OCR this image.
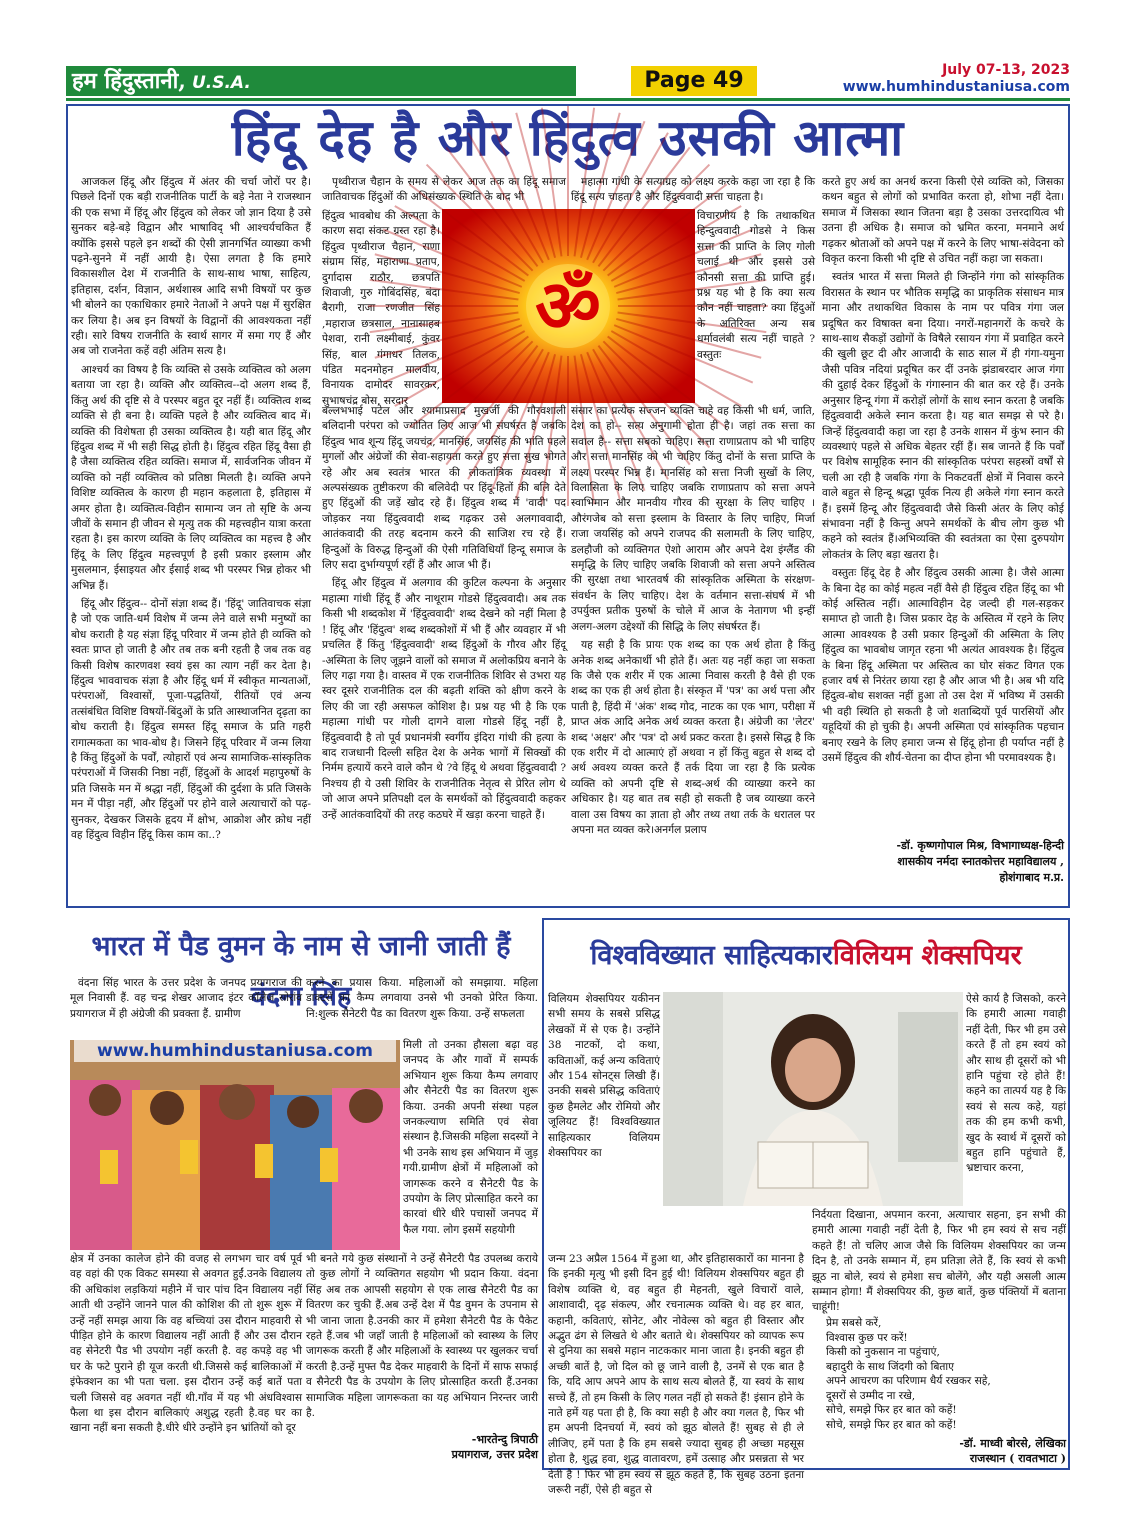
हम हिंदुस्तानी, U.S.A.	Page 49	July 07-13, 2023
www.humhindustaniusa.com
हिंदू देह है और हिंदुत्व उसकी आत्मा

आजकल हिंदू और हिंदुत्व में अंतर की चर्चा जोरों पर है। पिछले दिनों एक बड़ी राजनीतिक पार्टी के बड़े नेता ने राजस्थान की एक सभा में हिंदू और हिंदुत्व को लेकर जो ज्ञान दिया है उसे सुनकर बड़े-बड़े विद्वान और भाषाविद् भी आश्चर्यचकित हैं क्योंकि इससे पहले इन शब्दों की ऐसी ज्ञानगर्भित व्याख्या कभी पढ़ने-सुनने में नहीं आयी है। ऐसा लगता है कि हमारे विकासशील देश में राजनीति के साथ-साथ भाषा, साहित्य, इतिहास, दर्शन, विज्ञान, अर्थशास्त्र आदि सभी विषयों पर कुछ भी बोलने का एकाधिकार हमारे नेताओं ने अपने पक्ष में सुरक्षित कर लिया है। अब इन विषयों के विद्वानों की आवश्यकता नहीं रही। सारे विषय राजनीति के स्वार्थ सागर में समा गए हैं और अब जो राजनेता कहें वही अंतिम सत्य है।

आश्चर्य का विषय है कि व्यक्ति से उसके व्यक्तित्व को अलग बताया जा रहा है। व्यक्ति और व्यक्तित्व--दो अलग शब्द हैं, किंतु अर्थ की दृष्टि से वे परस्पर बहुत दूर नहीं हैं। व्यक्तित्व शब्द व्यक्ति से ही बना है। व्यक्ति पहले है और व्यक्तित्व बाद में। व्यक्ति की विशेषता ही उसका व्यक्तित्व है। यही बात हिंदू और हिंदुत्व शब्द में भी सही सिद्ध होती है। हिंदुत्व रहित हिंदू वैसा ही है जैसा व्यक्तित्व रहित व्यक्ति। समाज में, सार्वजनिक जीवन में व्यक्ति को नहीं व्यक्तित्व को प्रतिष्ठा मिलती है। व्यक्ति अपने विशिष्ट व्यक्तित्व के कारण ही महान कहलाता है, इतिहास में अमर होता है। व्यक्तित्व-विहीन सामान्य जन तो सृष्टि के अन्य जीवों के समान ही जीवन से मृत्यु तक की महत्त्वहीन यात्रा करता रहता है। इस कारण व्यक्ति के लिए व्यक्तित्व का महत्त्व है और हिंदू के लिए हिंदुत्व महत्त्वपूर्ण है इसी प्रकार इस्लाम और मुसलमान, ईसाइयत और ईसाई शब्द भी परस्पर भिन्न होकर भी अभिन्न हैं।

हिंदू और हिंदुत्व-- दोनों संज्ञा शब्द हैं। 'हिंदू' जातिवाचक संज्ञा है जो एक जाति-धर्म विशेष में जन्म लेने वाले सभी मनुष्यों का बोध कराती है यह संज्ञा हिंदू परिवार में जन्म होते ही व्यक्ति को स्वतः प्राप्त हो जाती है और तब तक बनी रहती है जब तक वह किसी विशेष कारणवश स्वयं इस का त्याग नहीं कर देता है। हिंदुत्व भाववाचक संज्ञा है और हिंदू धर्म में स्वीकृत मान्यताओं, परंपराओं, विश्वासों, पूजा-पद्धतियों, रीतियों एवं अन्य तत्संबंधित विशिष्ट विषयों-बिंदुओं के प्रति आस्थाजनित दृढ़ता का बोध कराती है। हिंदुत्व समस्त हिंदू समाज के प्रति गहरी रागात्मकता का भाव-बोध है। जिसने हिंदू परिवार में जन्म लिया है किंतु हिंदुओं के पर्वों, त्योहारों एवं अन्य सामाजिक-सांस्कृतिक परंपराओं में जिसकी निष्ठा नहीं, हिंदुओं के आदर्श महापुरुषों के प्रति जिसके मन में श्रद्धा नहीं, हिंदुओं की दुर्दशा के प्रति जिसके मन में पीड़ा नहीं, और हिंदुओं पर होने वाले अत्याचारों को पढ़-सुनकर, देखकर जिसके हृदय में क्षोभ, आक्रोश और क्रोध नहीं वह हिंदुत्व विहीन हिंदू किस काम का..?

पृथ्वीराज चैहान के समय से लेकर आज तक का हिंदू समाज जातिवाचक हिंदुओं की अधिसंख्यक स्थिति के बाद भी

हिंदुत्व भावबोध की अल्पता के कारण सदा संकट ग्रस्त रहा है। हिंदुत्व पृथ्वीराज चैहान, राणा संग्राम सिंह, महाराणा प्रताप, दुर्गादास राठौर, छत्रपति शिवाजी, गुरु गोबिंदसिंह, बंदा बैरागी, राजा रणजीत सिंह ,महाराज छत्रसाल, नानासाहब पेशवा, रानी लक्ष्मीबाई, कुंवर सिंह, बाल गंगाधर तिलक, पंडित मदनमोहन मालवीय, विनायक दामोदर सावरकर, सुभाषचंद्र बोस, सरदार

बल्लभभाई पटेल और श्यामाप्रसाद मुखर्जी की गौरवशाली बलिदानी परंपरा को ज्योतित लिए आज भी संघर्षरत है जबकि हिंदुत्व भाव शून्य हिंदू जयचंद, मानसिंह, जयसिंह की भांति पहले मुगलों और अंग्रेजों की सेवा-सहायता करते हुए सत्ता सुख भोगते रहे और अब स्वतंत्र भारत की लोकतांत्रिक व्यवस्था में अल्पसंख्यक तुष्टीकरण की बलिवेदी पर हिंदू-हितों की बलि देते हुए हिंदुओं की जड़ें खोद रहे हैं। हिंदुत्व शब्द में 'वादी' पद जोड़कर नया हिंदुत्ववादी शब्द गढ़कर उसे अलगाववादी, आतंकवादी की तरह बदनाम करने की साजिश रच रहे हैं। हिन्दुओं के विरुद्ध हिन्दुओं की ऐसी गतिविधियाँ हिन्दू समाज के लिए सदा दुर्भाग्यपूर्ण रहीं हैं और आज भी हैं।

हिंदू और हिंदुत्व में अलगाव की कुटिल कल्पना के अनुसार महात्मा गांधी हिंदू हैं और नाथूराम गोडसे हिंदुत्ववादी। अब तक किसी भी शब्दकोश में 'हिंदुत्ववादी' शब्द देखने को नहीं मिला है ! हिंदू और 'हिंदुत्व' शब्द शब्दकोशों में भी हैं और व्यवहार में भी प्रचलित हैं किंतु 'हिंदुत्ववादी' शब्द हिंदुओं के गौरव और हिंदू -अस्मिता के लिए जूझने वालों को समाज में अलोकप्रिय बनाने के लिए गढ़ा गया है। वास्तव में एक राजनीतिक शिविर से उभरा यह स्वर दूसरे राजनीतिक दल की बढ़ती शक्ति को क्षीण करने के लिए की जा रही असफल कोशिश है। प्रश्न यह भी है कि एक महात्मा गांधी पर गोली दागने वाला गोडसे हिंदू नहीं है, हिंदुत्ववादी है तो पूर्व प्रधानमंत्री स्वर्गीय इंदिरा गांधी की हत्या के बाद राजधानी दिल्ली सहित देश के अनेक भागों में सिक्खों की निर्मम हत्यायें करने वाले कौन थे ?वे हिंदू थे अथवा हिंदुत्ववादी ?निश्चय ही ये उसी शिविर के राजनीतिक नेतृत्व से प्रेरित लोग थे जो आज अपने प्रतिपक्षी दल के समर्थकों को हिंदुत्ववादी कहकर उन्हें आतंकवादियों की तरह कठघरे में खड़ा करना चाहते हैं।

ॐ

महात्मा गांधी के सत्याग्रह को लक्ष्य करके कहा जा रहा है कि हिंदू सत्य चाहता है और हिंदुत्ववादी सत्ता चाहता है।

विचारणीय है कि तथाकथित हिन्दुत्ववादी गोडसे ने किस सत्ता की प्राप्ति के लिए गोली चलाई थी और इससे उसे कौनसी सत्ता की प्राप्ति हुई। प्रश्न यह भी है कि क्या सत्य कौन नहीं चाहता? क्या हिंदुओं के अतिरिक्त अन्य सब धर्मावलंबी सत्य नहीं चाहते ?वस्तुतः

संसार का प्रत्येक सज्जन व्यक्ति चाहे वह किसी भी धर्म, जाति, देश का हो-- सत्य अनुगामी होता ही है। जहां तक सत्ता का सवाल है-- सत्ता सबको चाहिए। सत्ता राणाप्रताप को भी चाहिए और सत्ता मानसिंह को भी चाहिए किंतु दोनों के सत्ता प्राप्ति के लक्ष्य परस्पर भिन्न हैं। मानसिंह को सत्ता निजी सुखों के लिए, विलासिता के लिए चाहिए जबकि राणाप्रताप को सत्ता अपने स्वाभिमान और मानवीय गौरव की सुरक्षा के लिए चाहिए ।औरंगजेब को सत्ता इस्लाम के विस्तार के लिए चाहिए, मिर्जा राजा जयसिंह को अपने राजपद की सलामती के लिए चाहिए, डलहौजी को व्यक्तिगत ऐशो आराम और अपने देश इंग्लैंड की समृद्धि के लिए चाहिए जबकि शिवाजी को सत्ता अपने अस्तित्व की सुरक्षा तथा भारतवर्ष की सांस्कृतिक अस्मिता के संरक्षण-संवर्धन के लिए चाहिए। देश के वर्तमान सत्ता-संघर्ष में भी उपर्युक्त प्रतीक पुरुषों के चोले में आज के नेतागण भी इन्हीं अलग-अलग उद्देश्यों की सिद्धि के लिए संघर्षरत हैं।

यह सही है कि प्रायः एक शब्द का एक अर्थ होता है किंतु अनेक शब्द अनेकार्थी भी होते हैं। अतः यह नहीं कहा जा सकता कि जैसे एक शरीर में एक आत्मा निवास करती है वैसे ही एक शब्द का एक ही अर्थ होता है। संस्कृत में 'पत्र' का अर्थ पत्ता और पाती है, हिंदी में 'अंक' शब्द गोद, नाटक का एक भाग, परीक्षा में प्राप्त अंक आदि अनेक अर्थ व्यक्त करता है। अंग्रेजी का 'लेटर' शब्द 'अक्षर' और 'पत्र' दो अर्थ प्रकट करता है। इससे सिद्ध है कि एक शरीर में दो आत्माएं हों अथवा न हों किंतु बहुत से शब्द दो अर्थ अवश्य व्यक्त करते हैं तर्क दिया जा रहा है कि प्रत्येक व्यक्ति को अपनी दृष्टि से शब्द-अर्थ की व्याख्या करने का अधिकार है। यह बात तब सही हो सकती है जब व्याख्या करने वाला उस विषय का ज्ञाता हो और तथ्य तथा तर्क के धरातल पर अपना मत व्यक्त करे।अनर्गल प्रलाप

करते हुए अर्थ का अनर्थ करना किसी ऐसे व्यक्ति को, जिसका कथन बहुत से लोगों को प्रभावित करता हो, शोभा नहीं देता। समाज में जिसका स्थान जितना बड़ा है उसका उत्तरदायित्व भी उतना ही अधिक है। समाज को भ्रमित करना, मनमाने अर्थ गढ़कर श्रोताओं को अपने पक्ष में करने के लिए भाषा-संवेदना को विकृत करना किसी भी दृष्टि से उचित नहीं कहा जा सकता।

स्वतंत्र भारत में सत्ता मिलते ही जिन्होंने गंगा को सांस्कृतिक विरासत के स्थान पर भौतिक समृद्धि का प्राकृतिक संसाधन मात्र माना और तथाकथित विकास के नाम पर पवित्र गंगा जल प्रदूषित कर विषाक्त बना दिया। नगरों-महानगरों के कचरे के साथ-साथ सैकड़ों उद्योगों के विषैले रसायन गंगा में प्रवाहित करने की खुली छूट दी और आजादी के साठ साल में ही गंगा-यमुना जैसी पवित्र नदियां प्रदूषित कर दीं उनके झंडाबरदार आज गंगा की दुहाई देकर हिंदुओं के गंगास्नान की बात कर रहे हैं। उनके अनुसार हिन्दू गंगा में करोड़ों लोगों के साथ स्नान करता है जबकि हिंदुत्ववादी अकेले स्नान करता है। यह बात समझ से परे है। जिन्हें हिंदुत्ववादी कहा जा रहा है उनके शासन में कुंभ स्नान की व्यवस्थाएं पहले से अधिक बेहतर रहीं हैं। सब जानते हैं कि पर्वों पर विशेष सामूहिक स्नान की सांस्कृतिक परंपरा सहस्त्रों वर्षों से चली आ रही है जबकि गंगा के निकटवर्ती क्षेत्रों में निवास करने वाले बहुत से हिन्दू श्रद्धा पूर्वक नित्य ही अकेले गंगा स्नान करते हैं। इसमें हिन्दू और हिंदुत्ववादी जैसे किसी अंतर के लिए कोई संभावना नहीं है किन्तु अपने समर्थकों के बीच लोग कुछ भी कहने को स्वतंत्र हैं।अभिव्यक्ति की स्वतंत्रता का ऐसा दुरुपयोग लोकतंत्र के लिए बड़ा खतरा है।

वस्तुतः हिंदू देह है और हिंदुत्व उसकी आत्मा है। जैसे आत्मा के बिना देह का कोई महत्व नहीं वैसे ही हिंदुत्व रहित हिंदू का भी कोई अस्तित्व नहीं। आत्माविहीन देह जल्दी ही गल-सड़कर समाप्त हो जाती है। जिस प्रकार देह के अस्तित्व में रहने के लिए आत्मा आवश्यक है उसी प्रकार हिन्दुओं की अस्मिता के लिए हिंदुत्व का भावबोध जागृत रहना भी अत्यंत आवश्यक है। हिंदुत्व के बिना हिंदू अस्मिता पर अस्तित्व का घोर संकट विगत एक हजार वर्ष से निरंतर छाया रहा है और आज भी है। अब भी यदि हिंदुत्व-बोध सशक्त नहीं हुआ तो उस देश में भविष्य में उसकी भी वही स्थिति हो सकती है जो शताब्दियों पूर्व पारसियों और यहूदियों की हो चुकी है। अपनी अस्मिता एवं सांस्कृतिक पहचान बनाए रखने के लिए हमारा जन्म से हिंदू होना ही पर्याप्त नहीं है उसमें हिंदुत्व की शौर्य-चेतना का दीप्त होना भी परमावश्यक है।

-डॉ. कृष्णगोपाल मिश्र, विभागाध्यक्ष-हिन्दी
शासकीय नर्मदा स्नातकोत्तर महाविद्यालय ,
होशंगाबाद म.प्र.
भारत में पैड वुमन के नाम से जानी जाती हैं वंदना सिंह

वंदना सिंह भारत के उत्तर प्रदेश के जनपद प्रयागराज की मूल निवासी हैं. वह चन्द्र शेखर आजाद इंटर कॉलेज सोरांव प्रयागराज में ही अंग्रेजी की प्रवक्ता हैं. ग्रामीण

करने का प्रयास किया. महिलाओं को समझाया. महिला डाक्टरों का कैम्प लगवाया उनसे भी उनको प्रेरित किया. नि:शुल्क सैनेटरी पैड का वितरण शुरू किया. उन्हें सफलता

www.humhindustaniusa.com	मिली तो उनका हौसला बढ़ा वह जनपद के और गावों में सम्पर्क अभियान शुरू किया कैम्प लगवाए और सैनेटरी पैड का वितरण शुरू किया. उनकी अपनी संस्था पहल जनकल्याण समिति एवं सेवा संस्थान है.जिसकी महिला सदस्यों ने भी उनके साथ इस अभियान में जुड़ गयी.ग्रामीण क्षेत्रों में महिलाओं को जागरूक करने व सैनेटरी पैड के उपयोग के लिए प्रोत्साहित करने का कारवां धीरे धीरे पचासों जनपद में फैल गया. लोग इसमें सहयोगी

क्षेत्र में उनका कालेज होने की वजह से लगभग चार वर्ष पूर्व वह वहां की एक विकट समस्या से अवगत हुईं.उनके विद्यालय की अधिकांश लड़कियां महीने में चार पांच दिन विद्यालय नहीं आती थी उन्होंने जानने पाल की कोशिश की तो शुरू शुरू में उन्हें नहीं समझ आया कि वह बच्चियां उस दौरान माहवारी से पीड़ित होने के कारण विद्यालय नहीं आती हैं और उस दौरान वह सेनेटरी पैड भी उपयोग नहीं करती है. वह कपड़े वह भी घर के फटे पुराने ही यूज करती थी.जिससे कई बालिकाओं में इंफेक्शन का भी पता चला. इस दौरान उन्हें कई बातें पता चली जिससे वह अवगत नहीं थी.गाँव में यह भी अंधविश्वास फैला था इस दौरान बालिकाएं अशुद्ध रहती है.वह घर का खाना नहीं बना सकती है.धीरे धीरे उन्होंने इन भ्रांतियों को दूर

भी बनते गये कुछ संस्थानों ने उन्हें सैनेटरी पैड उपलब्ध कराये तो कुछ लोगों ने व्यक्तिगत सहयोग भी प्रदान किया. वंदना सिंह अब तक आपसी सहयोग से एक लाख सैनेटरी पैड का वितरण कर चुकी हैं.अब उन्हें देश में पैड वुमन के उपनाम से भी जाना जाता है.उनकी कार में हमेशा सैनेटरी पैड के पैकेट रहते हैं.जब भी जहाँ जाती है महिलाओं को स्वास्थ्य के लिए जागरूक करती हैं और महिलाओं के स्वास्थ्य पर खुलकर चर्चा करती है.उन्हें मुफ्त पैड देकर माहवारी के दिनों में साफ सफाई व सैनेटरी पैड के उपयोग के लिए प्रोत्साहित करती हैं.उनका सामाजिक महिला जागरूकता का यह अभियान निरन्तर जारी है.

-भारतेन्दु त्रिपाठी
प्रयागराज, उत्तर प्रदेश
विश्वविख्यात साहित्यकारविलियम शेक्सपियर

विलियम शेक्सपियर यकीनन सभी समय के सबसे प्रसिद्ध लेखकों में से एक है। उन्होंने 38 नाटकों, दो कथा, कविताओं, कई अन्य कविताएं और 154 सोनट्स लिखी हैं।उनकी सबसे प्रसिद्ध कविताएं कुछ हैमलेट और रोमियो और जूलियट हैं! विश्वविख्यात साहित्यकार विलियम शेक्सपियर का

ऐसे कार्य है जिसको, करने कि हमारी आत्मा गवाही नहीं देती, फिर भी हम उसे करते हैं तो हम स्वयं को और साथ ही दूसरों को भी हानि पहुंचा रहे होते हैं! कहने का तात्पर्य यह है कि स्वयं से सत्य कहे, यहां तक की हम कभी कभी, खुद के स्वार्थ में दूसरों को बहुत हानि पहुंचाते हैं, भ्रष्टाचार करना,

जन्म 23 अप्रैल 1564 में हुआ था, और इतिहासकारों का मानना है कि इनकी मृत्यु भी इसी दिन हुई थी! विलियम शेक्सपियर बहुत ही विशेष व्यक्ति थे, वह बहुत ही मेहनती, खुले विचारों वाले, आशावादी, दृढ़ संकल्प, और रचनात्मक व्यक्ति थे। वह हर बात, कहानी, कविताएं, सोनेट, और नोवेल्स को बहुत ही विस्तार और अद्भुत ढंग से लिखते थे और बताते थे। शेक्सपियर को व्यापक रूप से दुनिया का सबसे महान नाटककार माना जाता है। इनकी बहुत ही अच्छी बातें है, जो दिल को छू जाने वाली है, उनमें से एक बात है कि, यदि आप अपने आप के साथ सत्य बोलते हैं, या स्वयं के साथ सच्चे हैं, तो हम किसी के लिए गलत नहीं हो सकते हैं! इंसान होने के नाते हमें यह पता ही है, कि क्या सही है और क्या गलत है, फिर भी हम अपनी दिनचर्या में, स्वयं को झूठ बोलते हैं! सुबह से ही ले लीजिए, हमें पता है कि हम सबसे ज्यादा सुबह ही अच्छा महसूस होता है, शुद्ध हवा, शुद्ध वातावरण, हमें उत्साह और प्रसन्नता से भर देती है ! फिर भी हम स्वयं से झूठ कहते हैं, कि सुबह उठना इतना जरूरी नहीं, ऐसे ही बहुत से

निर्दयता दिखाना, अपमान करना, अत्याचार सहना, इन सभी की हमारी आत्मा गवाही नहीं देती है, फिर भी हम स्वयं से सच नहीं कहते हैं! तो चलिए आज जैसे कि विलियम शेक्सपियर का जन्म दिन है, तो उनके सम्मान में, हम प्रतिज्ञा लेते हैं, कि स्वयं से कभी झूठ ना बोले, स्वयं से हमेशा सच बोलेंगे, और यही असली आत्म सम्मान होगा! मैं शेक्सपियर की, कुछ बातें, कुछ पंक्तियों में बताना चाहूंगी!

प्रेम सबसे करें,
विश्वास कुछ पर करें!
किसी को नुकसान ना पहुंचाएं,
बहादुरी के साथ जिंदगी को बिताए
अपने आचरण का परिणाम धैर्य रखकर सहे,
दूसरों से उम्मीद ना रखे,
सोचे, समझे फिर हर बात को कहें!
सोचे, समझे फिर हर बात को कहें!
-डॉ. माध्वी बोरसे, लेखिका
राजस्थान ( रावतभाटा )
